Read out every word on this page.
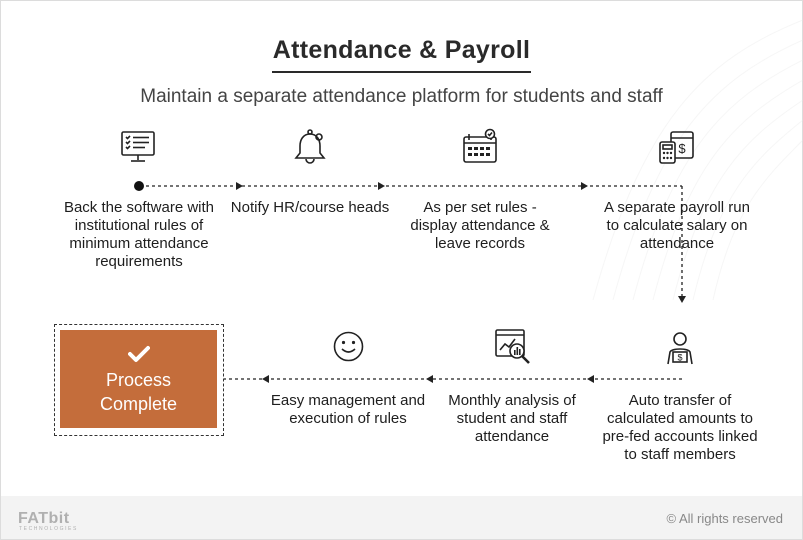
Attendance & Payroll
Maintain a separate attendance platform for students and staff
Back the software with institutional rules of minimum attendance requirements
Notify HR/course heads	As per set rules - display attendance & leave records
$
A separate payroll run to calculate salary on attendance
$
Auto transfer of calculated amounts to pre-fed accounts linked to staff members
Monthly analysis of student and staff attendance
Easy management and execution of rules
Process
Complete
FATbit
TECHNOLOGIES
© All rights reserved
